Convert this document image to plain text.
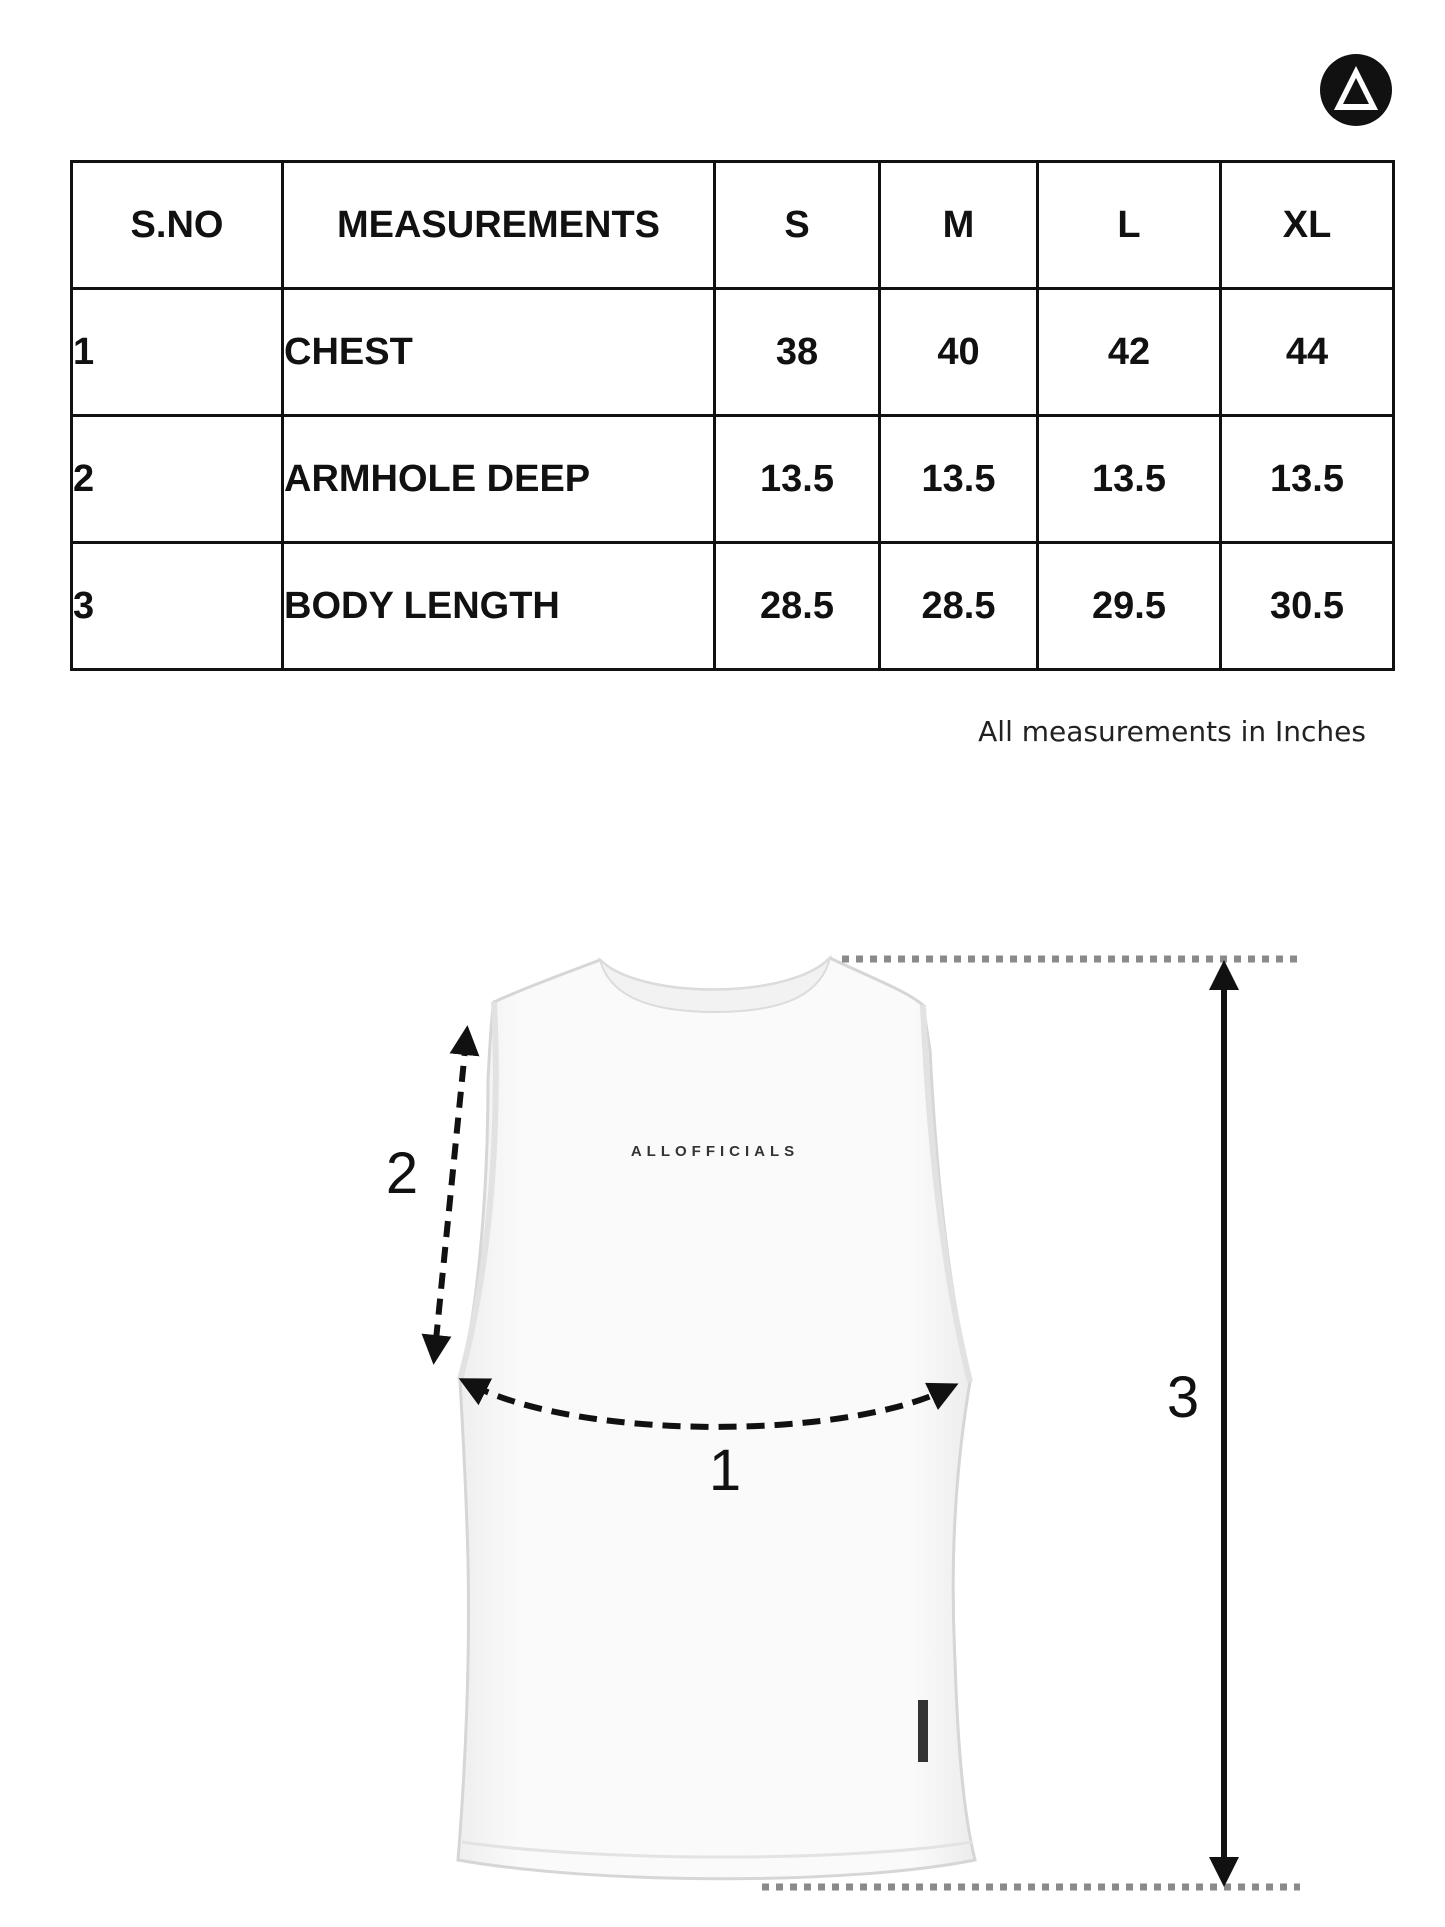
S.NO	MEASUREMENTS	S	M	L	XL
1	CHEST	38	40	42	44
2	ARMHOLE DEEP	13.5	13.5	13.5	13.5
3	BODY LENGTH	28.5	28.5	29.5	30.5
All measurements in Inches
ALLOFFICIALS
3
2
1
